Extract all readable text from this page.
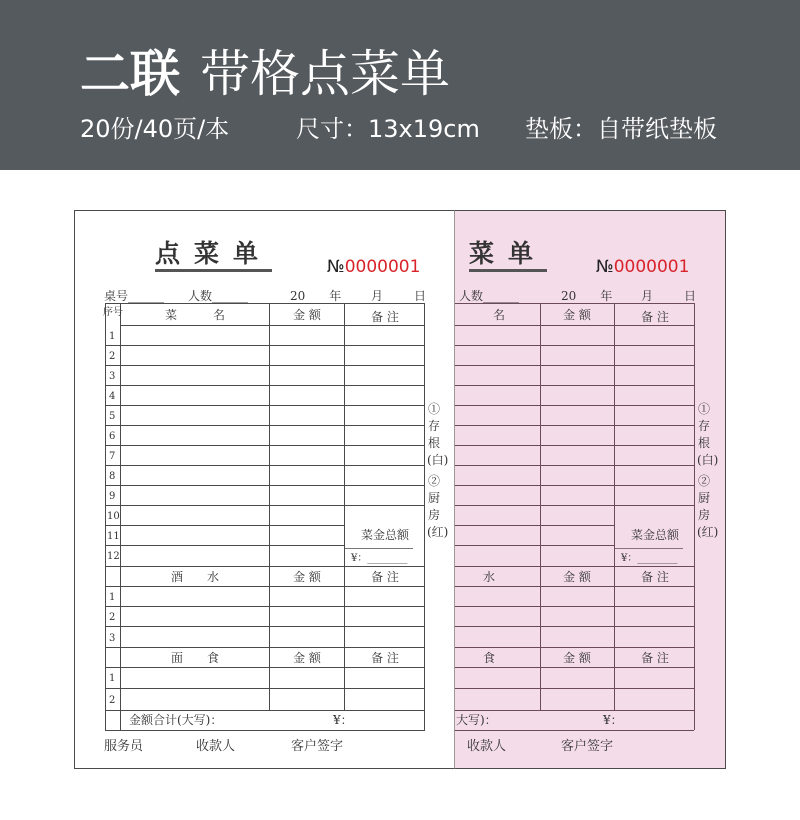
二联 带格点菜单
20份/40页/本	尺寸：13x19cm 垫板：自带纸垫板
点菜单	№0000001
桌号______ 人数______	20　　年 月	日
序号	菜　　　名	金 额	备 注
1
2
3
4
5
6
7
8
9
10
11
12
菜金总额
¥：________
酒　　水	金 额	备 注
1
2
3
面　　食	金 额	备 注
1
2
金额合计(大写)：	¥：
①存根(白)
②厨房(红)
服务员	收款人	客户签字
菜单	№0000001
人数______	20　　年 月	日
名	金 额	备 注
菜金总额
¥：________
水	金 额	备 注
食	金 额	备 注
大写)：	¥：
①存根(白)
②厨房(红)
收款人	客户签字
